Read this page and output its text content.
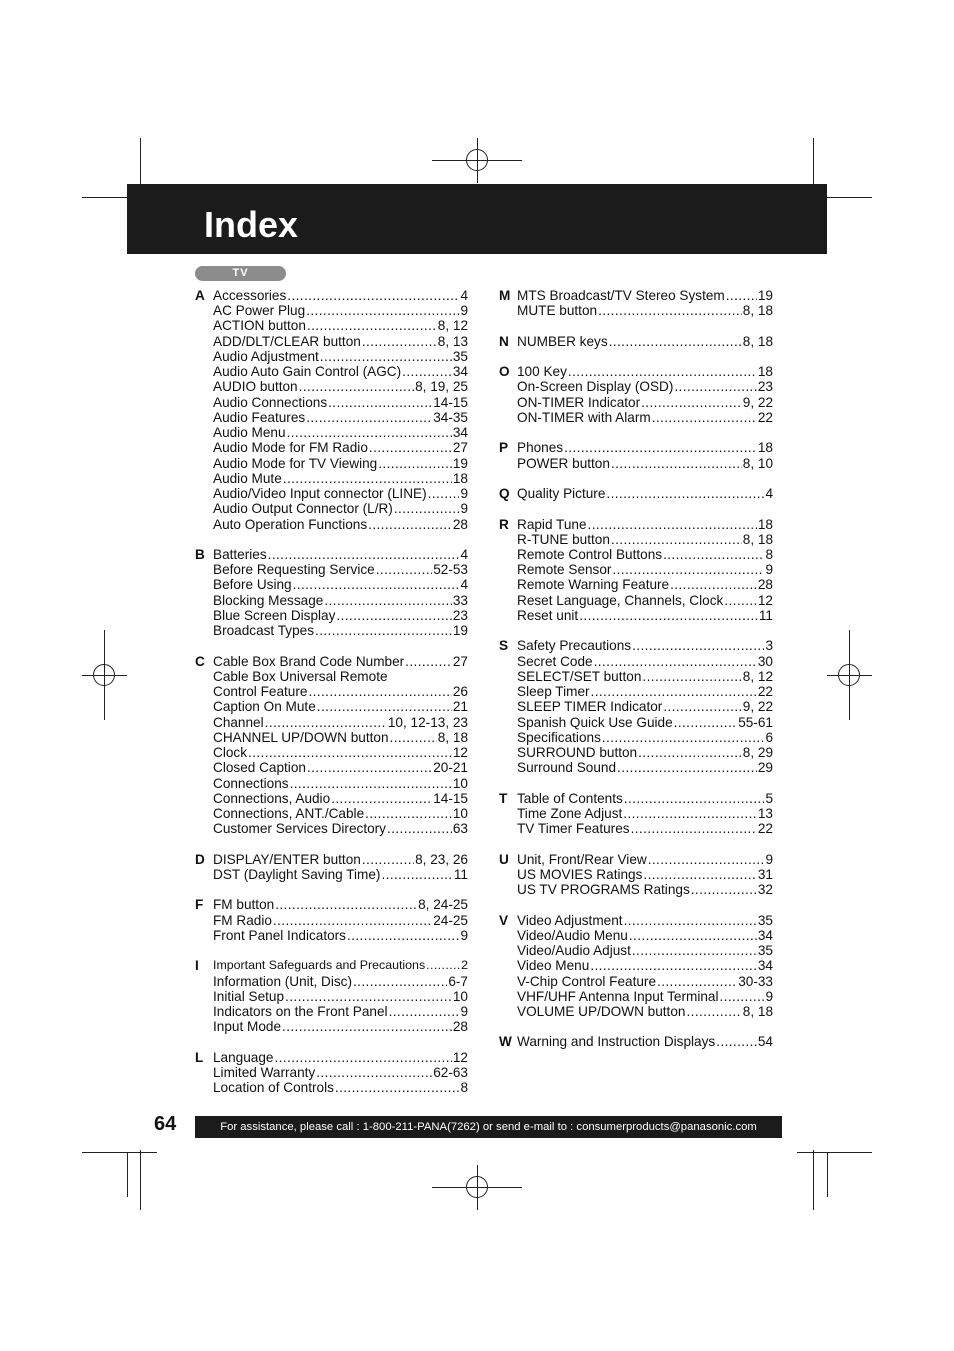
Index
TV
A Accessories .....	4
AC Power Plug .....	9
ACTION button .....	8, 12
ADD/DLT/CLEAR button .....	8, 13
Audio Adjustment .....	35
Audio Auto Gain Control (AGC) .....	34
AUDIO button .....	8, 19, 25
Audio Connections .....	14-15
Audio Features .....	34-35
Audio Menu .....	34
Audio Mode for FM Radio .....	27
Audio Mode for TV Viewing .....	19
Audio Mute .....	18
Audio/Video Input connector (LINE) ..... 9
Audio Output Connector (L/R) .....	9
Auto Operation Functions .....	28
B Batteries .....	4
Before Requesting Service .....	52-53
Before Using .....	4
Blocking Message .....	33
Blue Screen Display .....	23
Broadcast Types .....	19
C Cable Box Brand Code Number .....	27
Cable Box Universal Remote
Control Feature .....	26
Caption On Mute .....	21
Channel .....	10, 12-13, 23
CHANNEL UP/DOWN button .....	8, 18
Clock .....	12
Closed Caption .....	20-21
Connections .....	10
Connections, Audio .....	14-15
Connections, ANT./Cable .....	10
Customer Services Directory .....	63
D DISPLAY/ENTER button .....	8, 23, 26
DST (Daylight Saving Time) .....	11
F FM button .....	8, 24-25
FM Radio .....	24-25
Front Panel Indicators .....	9
I Important Safeguards and Precautions .....	2
Information (Unit, Disc) .....	6-7
Initial Setup .....	10
Indicators on the Front Panel .....	9
Input Mode .....	28
L Language .....	12
Limited Warranty .....	62-63
Location of Controls .....	8
M MTS Broadcast/TV Stereo System ..... 19
MUTE button .....	8, 18
N NUMBER keys .....	8, 18
O 100 Key .....	18
On-Screen Display (OSD) .....	23
ON-TIMER Indicator .....	9, 22
ON-TIMER with Alarm .....	22
P Phones .....	18
POWER button .....	8, 10
Q Quality Picture .....	4
R Rapid Tune .....	18
R-TUNE button .....	8, 18
Remote Control Buttons .....	8
Remote Sensor .....	9
Remote Warning Feature .....	28
Reset Language, Channels, Clock .....	12
Reset unit .....	11
S Safety Precautions .....	3
Secret Code .....	30
SELECT/SET button .....	8, 12
Sleep Timer .....	22
SLEEP TIMER Indicator .....	9, 22
Spanish Quick Use Guide .....	55-61
Specifications .....	6
SURROUND button .....	8, 29
Surround Sound .....	29
T Table of Contents .....	5
Time Zone Adjust .....	13
TV Timer Features .....	22
U Unit, Front/Rear View .....	9
US MOVIES Ratings .....	31
US TV PROGRAMS Ratings .....	32
V Video Adjustment .....	35
Video/Audio Menu .....	34
Video/Audio Adjust .....	35
Video Menu .....	34
V-Chip Control Feature .....	30-33
VHF/UHF Antenna Input Terminal .....	9
VOLUME UP/DOWN button .....	8, 18
W Warning and Instruction Displays .....	54

64	For assistance, please call : 1-800-211-PANA(7262) or send e-mail to : consumerproducts@panasonic.com
